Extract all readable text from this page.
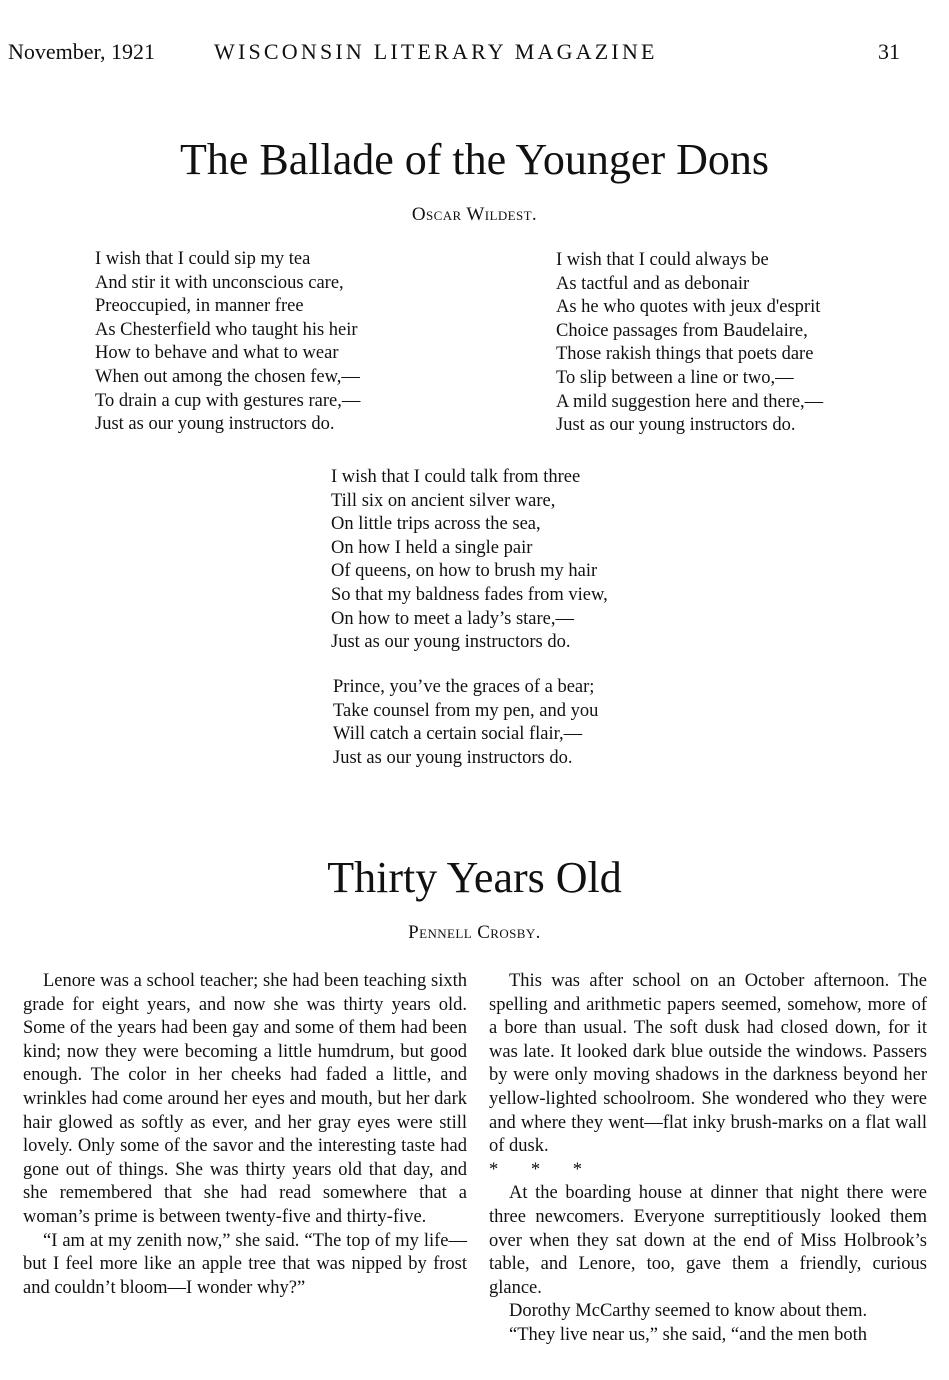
November, 1921	WISCONSIN LITERARY MAGAZINE	31
The Ballade of the Younger Dons
Oscar Wildest.
I wish that I could sip my tea
And stir it with unconscious care,
Preoccupied, in manner free
As Chesterfield who taught his heir
How to behave and what to wear
When out among the chosen few,—
To drain a cup with gestures rare,—
Just as our young instructors do.
I wish that I could always be
As tactful and as debonair
As he who quotes with jeux d'esprit
Choice passages from Baudelaire,
Those rakish things that poets dare
To slip between a line or two,—
A mild suggestion here and there,—
Just as our young instructors do.
I wish that I could talk from three
Till six on ancient silver ware,
On little trips across the sea,
On how I held a single pair
Of queens, on how to brush my hair
So that my baldness fades from view,
On how to meet a lady’s stare,—
Just as our young instructors do.
Prince, you’ve the graces of a bear;
Take counsel from my pen, and you
Will catch a certain social flair,—
Just as our young instructors do.
Thirty Years Old
Pennell Crosby.

Lenore was a school teacher; she had been teaching sixth grade for eight years, and now she was thirty years old. Some of the years had been gay and some of them had been kind; now they were becoming a little humdrum, but good enough. The color in her cheeks had faded a little, and wrinkles had come around her eyes and mouth, but her dark hair glowed as softly as ever, and her gray eyes were still lovely. Only some of the savor and the interesting taste had gone out of things. She was thirty years old that day, and she remembered that she had read somewhere that a woman’s prime is between twenty-five and thirty-five.

“I am at my zenith now,” she said. “The top of my life—but I feel more like an apple tree that was nipped by frost and couldn’t bloom—I wonder why?”

This was after school on an October afternoon. The spelling and arithmetic papers seemed, somehow, more of a bore than usual. The soft dusk had closed down, for it was late. It looked dark blue outside the windows. Passers by were only moving shadows in the darkness beyond her yellow-lighted schoolroom. She wondered who they were and where they went—flat inky brush-marks on a flat wall of dusk.

* * *

At the boarding house at dinner that night there were three newcomers. Everyone surreptitiously looked them over when they sat down at the end of Miss Holbrook’s table, and Lenore, too, gave them a friendly, curious glance.

Dorothy McCarthy seemed to know about them.

“They live near us,” she said, “and the men both
